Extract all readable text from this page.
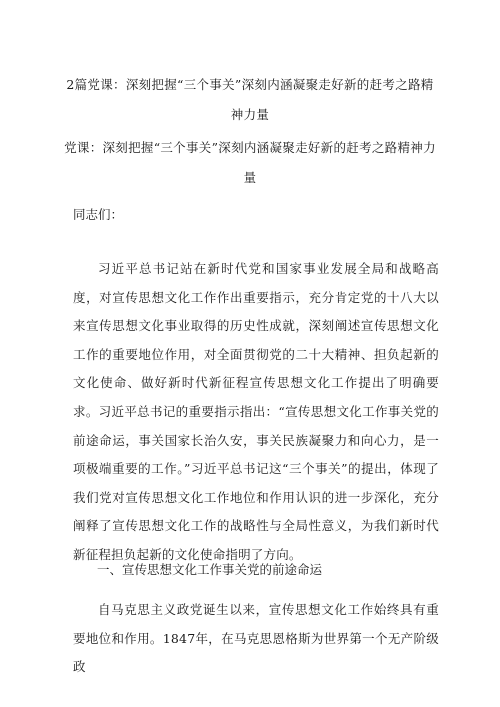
2篇党课：深刻把握“三个事关”深刻内涵凝聚走好新的赶考之路精神力量
党课：深刻把握“三个事关”深刻内涵凝聚走好新的赶考之路精神力量
同志们：

习近平总书记站在新时代党和国家事业发展全局和战略高度，对宣传思想文化工作作出重要指示，充分肯定党的十八大以来宣传思想文化事业取得的历史性成就，深刻阐述宣传思想文化工作的重要地位作用，对全面贯彻党的二十大精神、担负起新的文化使命、做好新时代新征程宣传思想文化工作提出了明确要求。习近平总书记的重要指示指出：“宣传思想文化工作事关党的前途命运，事关国家长治久安，事关民族凝聚力和向心力，是一项极端重要的工作。”习近平总书记这“三个事关”的提出，体现了我们党对宣传思想文化工作地位和作用认识的进一步深化，充分阐释了宣传思想文化工作的战略性与全局性意义，为我们新时代新征程担负起新的文化使命指明了方向。

一、宣传思想文化工作事关党的前途命运

自马克思主义政党诞生以来，宣传思想文化工作始终具有重要地位和作用。1847年，在马克思恩格斯为世界第一个无产阶级政
